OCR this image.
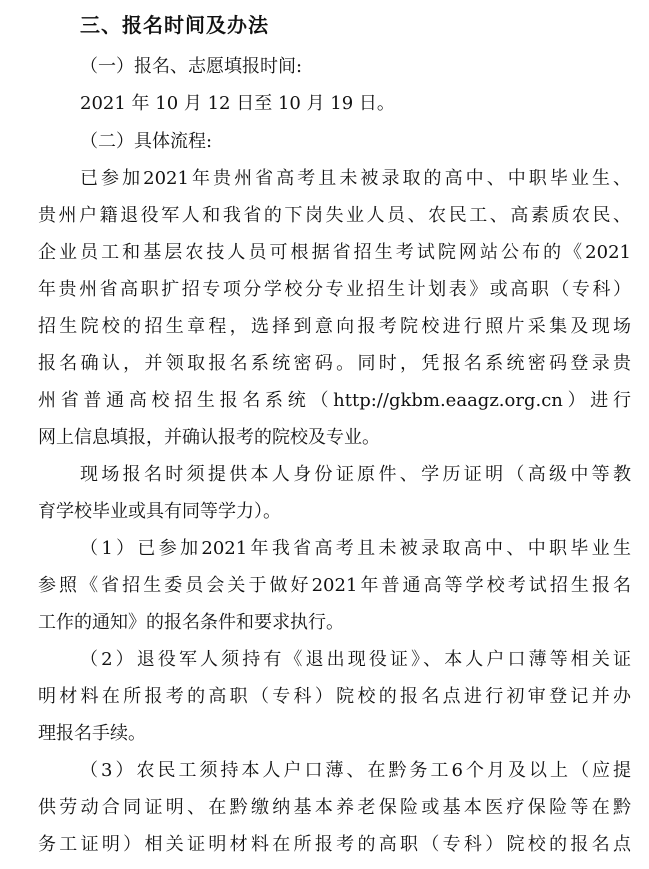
三、报名时间及办法
（一）报名、志愿填报时间:
2021 年 10 月 12 日至 10 月 19 日。
（二）具体流程:
已参加2021年贵州省高考且未被录取的高中、中职毕业生、
贵州户籍退役军人和我省的下岗失业人员、农民工、高素质农民、
企业员工和基层农技人员可根据省招生考试院网站公布的《2021
年贵州省高职扩招专项分学校分专业招生计划表》或高职（专科）
招生院校的招生章程，选择到意向报考院校进行照片采集及现场
报名确认，并领取报名系统密码。同时，凭报名系统密码登录贵
州省普通高校招生报名系统（http://gkbm.eaagz.org.cn）进行
网上信息填报，并确认报考的院校及专业。
现场报名时须提供本人身份证原件、学历证明（高级中等教
育学校毕业或具有同等学力）。
（1）已参加2021年我省高考且未被录取高中、中职毕业生
参照《省招生委员会关于做好2021年普通高等学校考试招生报名
工作的通知》的报名条件和要求执行。
（2）退役军人须持有《退出现役证》、本人户口薄等相关证
明材料在所报考的高职（专科）院校的报名点进行初审登记并办
理报名手续。
（3）农民工须持本人户口薄、在黔务工6个月及以上（应提
供劳动合同证明、在黔缴纳基本养老保险或基本医疗保险等在黔
务工证明）相关证明材料在所报考的高职（专科）院校的报名点
